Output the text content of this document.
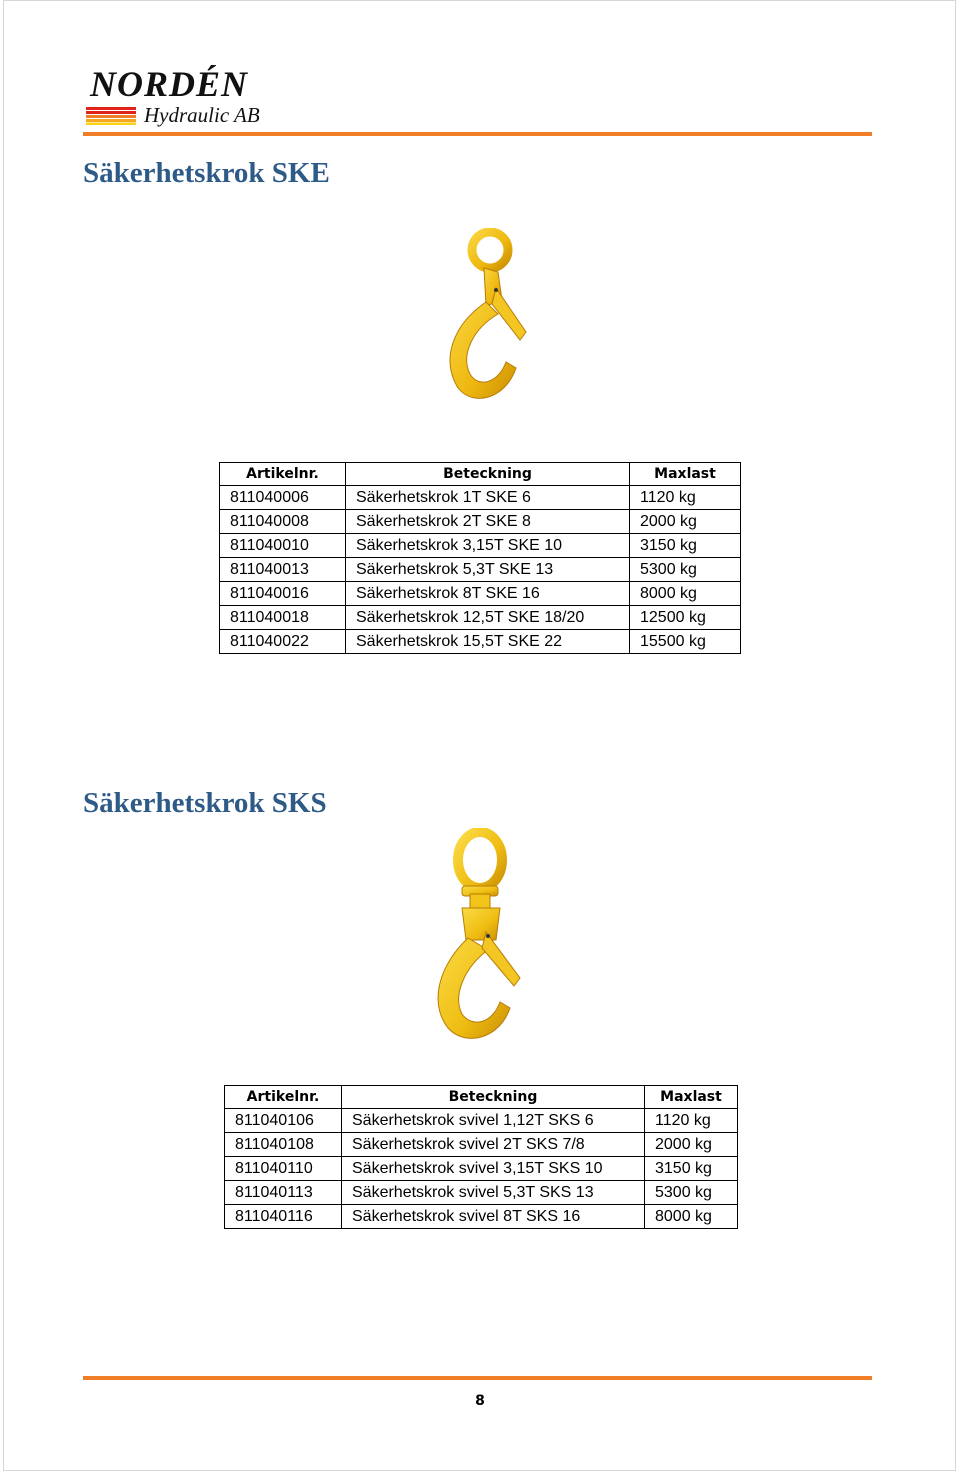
NORDÉN
Hydraulic AB
Säkerhetskrok SKE
Artikelnr.	Beteckning	Maxlast
811040006	Säkerhetskrok 1T SKE 6	1120 kg
811040008	Säkerhetskrok 2T SKE 8	2000 kg
811040010	Säkerhetskrok 3,15T SKE 10	3150 kg
811040013	Säkerhetskrok 5,3T SKE 13	5300 kg
811040016	Säkerhetskrok 8T SKE 16	8000 kg
811040018	Säkerhetskrok 12,5T SKE 18/20	12500 kg
811040022	Säkerhetskrok 15,5T SKE 22	15500 kg
Säkerhetskrok SKS
Artikelnr.	Beteckning	Maxlast
811040106	Säkerhetskrok svivel 1,12T SKS 6	1120 kg
811040108	Säkerhetskrok svivel 2T SKS 7/8	2000 kg
811040110	Säkerhetskrok svivel 3,15T SKS 10	3150 kg
811040113	Säkerhetskrok svivel 5,3T SKS 13	5300 kg
811040116	Säkerhetskrok svivel 8T SKS 16	8000 kg
8
